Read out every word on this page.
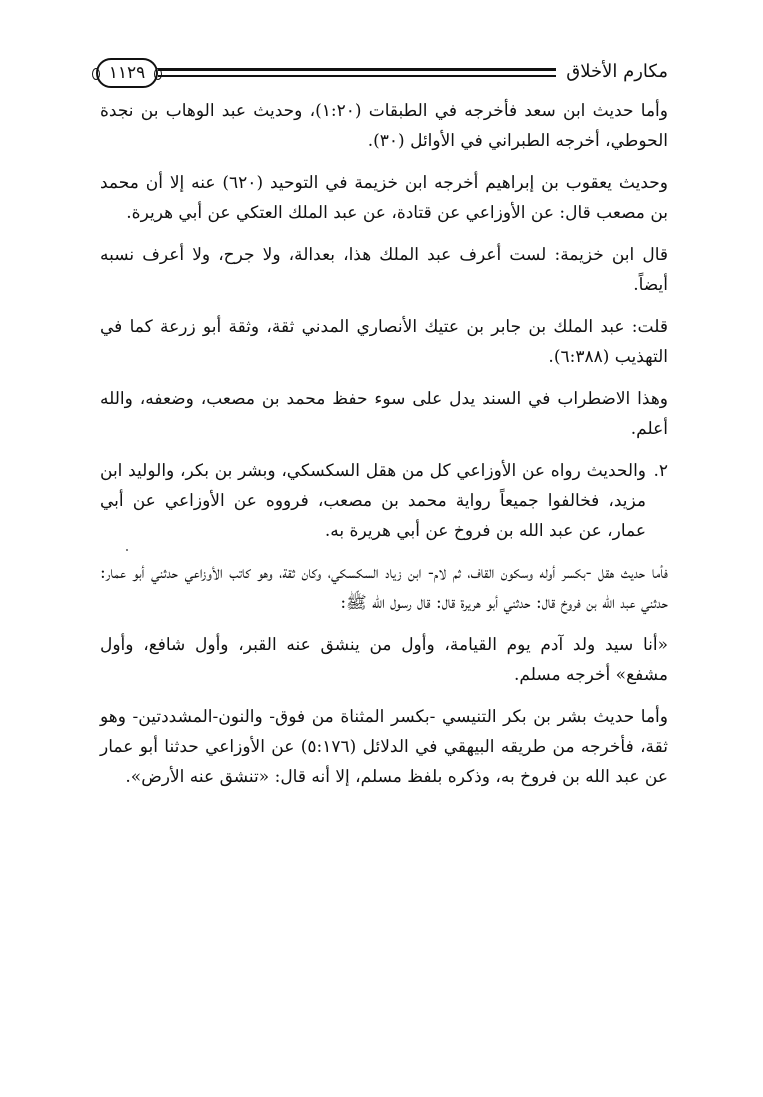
مكارم الأخلاق
١١٢٩

وأما حديث ابن سعد فأخرجه في الطبقات (١:٢٠)، وحديث عبد الوهاب بن نجدة الحوطي، أخرجه الطبراني في الأوائل (٣٠).

وحديث يعقوب بن إبراهيم أخرجه ابن خزيمة في التوحيد (٦٢٠) عنه إلا أن محمد بن مصعب قال: عن الأوزاعي عن قتادة، عن عبد الملك العتكي عن أبي هريرة.

قال ابن خزيمة: لست أعرف عبد الملك هذا، بعدالة، ولا جرح، ولا أعرف نسبه أيضاً.

قلت: عبد الملك بن جابر بن عتيك الأنصاري المدني ثقة، وثقة أبو زرعة كما في التهذيب (٦:٣٨٨).

وهذا الاضطراب في السند يدل على سوء حفظ محمد بن مصعب، وضعفه، والله أعلم.

٢.

والحديث رواه عن الأوزاعي كل من هقل السكسكي، وبشر بن بكر، والوليد ابن مزيد، فخالفوا جميعاً رواية محمد بن مصعب، فرووه عن الأوزاعي عن أبي عمار، عن عبد الله بن فروخ عن أبي هريرة به.

فأما حديث هقل -بكسر أوله وسكون القاف، ثم لام- ابن زياد السكسكي، وكان ثقة، وهو كاتب الأوزاعي حدثني أبو عمار: حدثني عبد الله بن فروخ قال: حدثني أبو هريرة قال: قال رسول الله ﷺ:

«أنا سيد ولد آدم يوم القيامة، وأول من ينشق عنه القبر، وأول شافع، وأول مشفع» أخرجه مسلم.

وأما حديث بشر بن بكر التنيسي -بكسر المثناة من فوق- والنون-المشددتين- وهو ثقة، فأخرجه من طريقه البيهقي في الدلائل (٥:١٧٦) عن الأوزاعي حدثنا أبو عمار عن عبد الله بن فروخ به، وذكره بلفظ مسلم، إلا أنه قال: «تنشق عنه الأرض».
